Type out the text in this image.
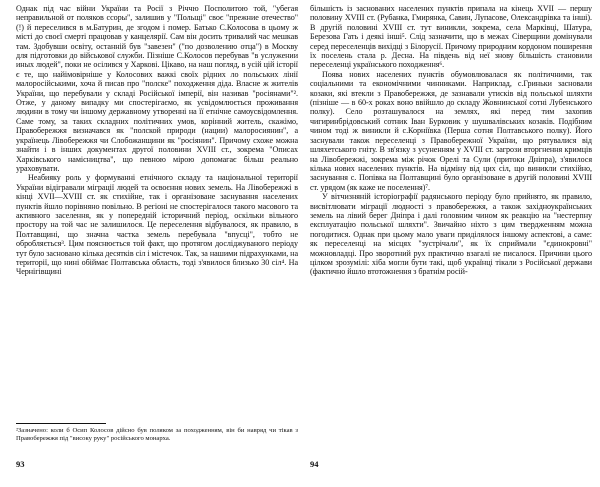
Однак під час війни України та Росії з Річчю Посполитою той, "убегая неправильной от поляков ссоры", залишив у "Польщі" своє "прежние отечество" (!) й переселився в м.Батурин, де згодом і помер. Батько С.Колосова в цьому ж місті до своєї смерті працював у канцелярії. Сам він досить тривалий час мешкав там. Здобувши освіту, останній був "завезен" ("по дозволению отца") в Москву для підготовки до військової служби. Пізніше С.Колосов перебував "в услужении иных людей", поки не осілився у Харкові. Цікаво, на наш погляд, в усій цій історії є те, що найімовірніше у Колосових важкі своїх рідних ло польських лінії малоросійськими, хоча й писав про "полске" походження діда. Власне ж жителів України, що перебували у складі Російської імперії, він називав "росіянами"². Отже, у даному випадку ми спостерігаємо, як усвідомлюється проживання людини в тому чи іншому державному утворенні на її етнічне самоусвідомлення. Саме тому, за таких складних політичних умов, корінний житель, скажімо, Правобережжя визначався як "полской природи (нации) малоросиянин", а українець Лівобережжя чи Слобожанщини як "росіянин". Причому схоже можна знайти і в інших документах другої половини XVIII ст., зокрема "Описах Харківського намісництва", що певною мірою допомагає більш реально ураховувати.

Неабияку роль у формуванні етнічного складу та національної території України відігравали міграції людей та освоєння нових земель. На Лівобережжі в кінці XVII—XVIII ст. як стихійне, так і організоване заснування населених пунктів йшло порівняно повільно. В регіоні не спостерігалося такого масового та активного заселення, як у попередній історичний період, оскільки вільного простору на той час не залишилося. Це переселення відбувалося, як правило, в Полтавщині, що значна частка земель перебувала "впусці", тобто не обробляється³. Цим пояснюється той факт, що протягом досліджуваного періоду тут було засновано кілька десятків сіл і містечок. Так, за нашими підрахунками, на території, що нині обіймає Полтавська область, тоді з'явилося близько 30 сіл⁴. На Чернігівщині

²Зазначено: коли б Осип Колосов дійсно був поляком за походженням, він би навряд чи тікав з Правобережжя під "високу руку" російського монарха.
93

більшість із заснованих населених пунктів припала на кінець XVII — першу половину XVIII ст. (Рубанка, Гмирянка, Савин, Лупасове, Олександрівка та інші). В другій половині XVIII ст. тут виникли, зокрема, села Марківці, Шатура, Березова Гать і деякі інші⁵. Слід зазначити, що в межах Сіверщини домінували серед переселенців вихідці з Білорусії. Причому природним кордоном поширення їх поселень стала р. Десна. На південь від неї знову більшість становили переселенці українського походження⁶.

Поява нових населених пунктів обумовлювалася як політичними, так соціальними та економічними чинниками. Наприклад, с.Гриньки засновали козаки, які втекли з Правобережжя, де зазнавали утисків від польської шляхти (пізніше — в 60-х роках воно ввійшло до складу Жовнинської сотні Лубенського полку). Село розташувалося на землях, які перед тим захопив чигиринбрідовський сотник Іван Бурковик у шушвалівських козаків. Подібним чином тоді ж виникли й с.Корніївка (Перша сотня Полтавського полку). Його заснували також переселенці з Правобережної України, що рятувалися від шляхетського гніту. В зв'язку з усуненням у XVIII ст. загрози вторгнення кримців на Лівобережжі, зокрема між річок Орелі та Сули (притоки Дніпра), з'явилося кілька нових населених пунктів. На відміну від цих сіл, що виникли стихійно, заснування с. Попівка на Полтавщині було організоване в другій половині XVIII ст. урядом (як каже не поселення)⁷.

У вітчизняній історіографії радянського періоду було прийнято, як правило, висвітлювати міграції людності з правобережжя, а також західноукраїнських земель на лівий берег Дніпра і далі головним чином як реакцію на "нестерпну експлуатацію польської шляхти". Звичайно ніхто з цим твердженням можна погодитися. Однак при цьому мало уваги приділялося іншому аспектові, а саме: як переселенці на місцях "зустрічали", як їх сприймали "єдинокровні" можновладці. Про зворотний рух практично взагалі не писалося. Причини цього цілком зрозумілі: хіба могли бути такі, щоб українці тікали з Російської держави (фактично йшло втотожнення з братнім росій-

94
